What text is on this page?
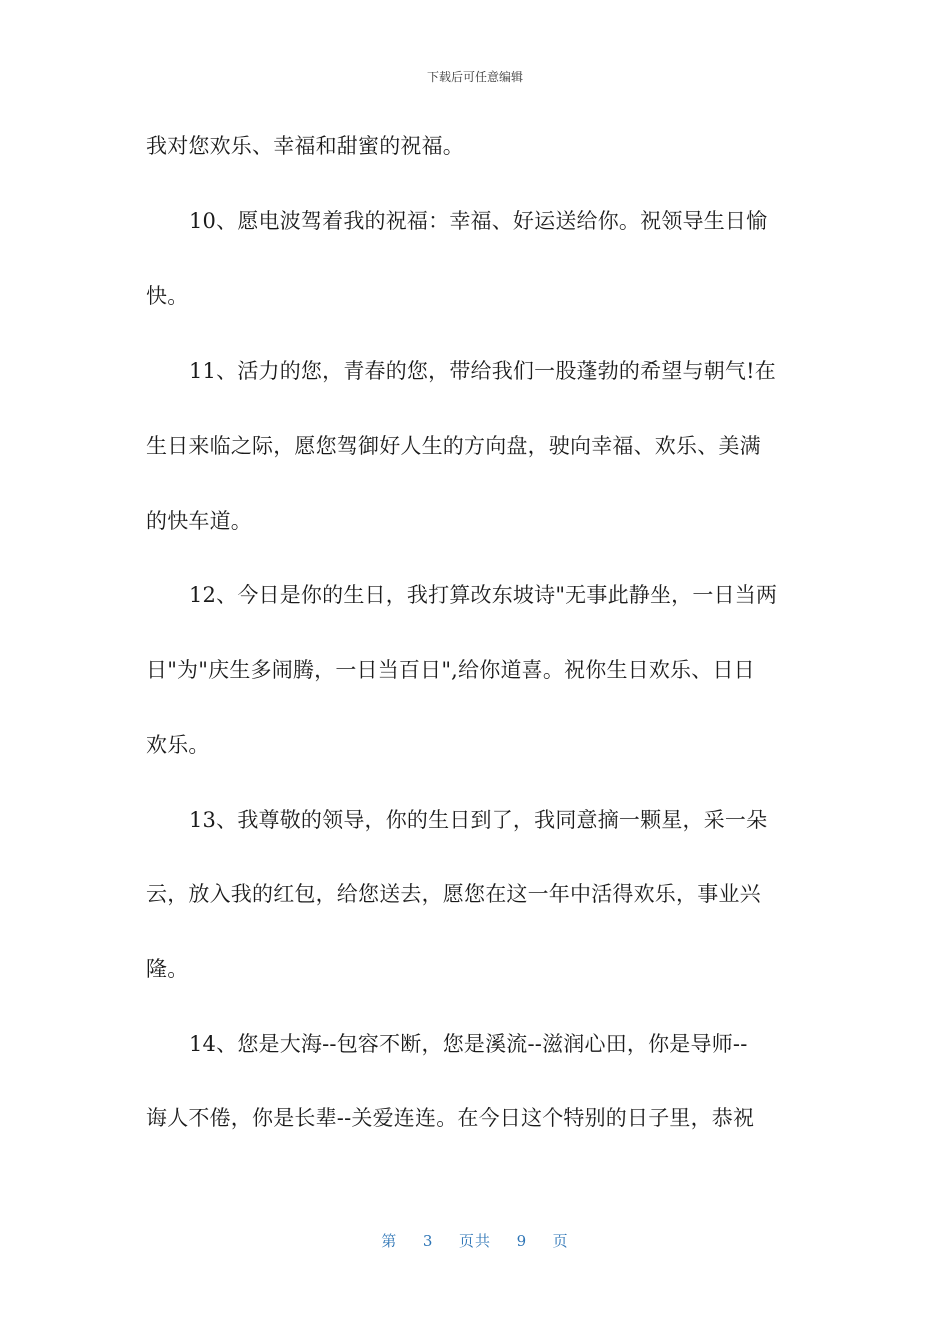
下载后可任意编辑
我对您欢乐、幸福和甜蜜的祝福。
10、愿电波驾着我的祝福：幸福、好运送给你。祝领导生日愉
快。
11、活力的您，青春的您，带给我们一股蓬勃的希望与朝气!在
生日来临之际，愿您驾御好人生的方向盘，驶向幸福、欢乐、美满
的快车道。
12、今日是你的生日，我打算改东坡诗"无事此静坐，一日当两
日"为"庆生多闹腾，一日当百日",给你道喜。祝你生日欢乐、日日
欢乐。
13、我尊敬的领导，你的生日到了，我同意摘一颗星，采一朵
云，放入我的红包，给您送去，愿您在这一年中活得欢乐，事业兴
隆。
14、您是大海--包容不断，您是溪流--滋润心田，你是导师--
诲人不倦，你是长辈--关爱连连。在今日这个特别的日子里，恭祝
第 3 页共 9 页
